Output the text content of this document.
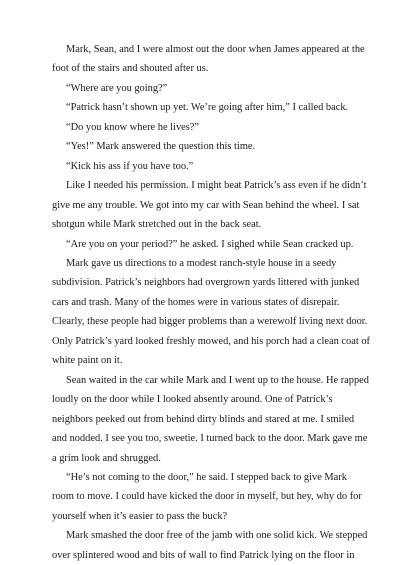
Mark, Sean, and I were almost out the door when James appeared at the foot of the stairs and shouted after us.

“Where are you going?”

“Patrick hasn’t shown up yet. We’re going after him,” I called back.

“Do you know where he lives?”

“Yes!” Mark answered the question this time.

“Kick his ass if you have too.”

Like I needed his permission. I might beat Patrick’s ass even if he didn’t give me any trouble. We got into my car with Sean behind the wheel. I sat shotgun while Mark stretched out in the back seat.

“Are you on your period?” he asked. I sighed while Sean cracked up.

Mark gave us directions to a modest ranch-style house in a seedy subdivision. Patrick’s neighbors had overgrown yards littered with junked cars and trash. Many of the homes were in various states of disrepair. Clearly, these people had bigger problems than a werewolf living next door. Only Patrick’s yard looked freshly mowed, and his porch had a clean coat of white paint on it.

Sean waited in the car while Mark and I went up to the house. He rapped loudly on the door while I looked absently around. One of Patrick’s neighbors peeked out from behind dirty blinds and stared at me. I smiled and nodded. I see you too, sweetie. I turned back to the door. Mark gave me a grim look and shrugged.

“He’s not coming to the door,” he said. I stepped back to give Mark room to move. I could have kicked the door in myself, but hey, why do for yourself when it’s easier to pass the buck?

Mark smashed the door free of the jamb with one solid kick. We stepped over splintered wood and bits of wall to find Patrick lying on the floor in
